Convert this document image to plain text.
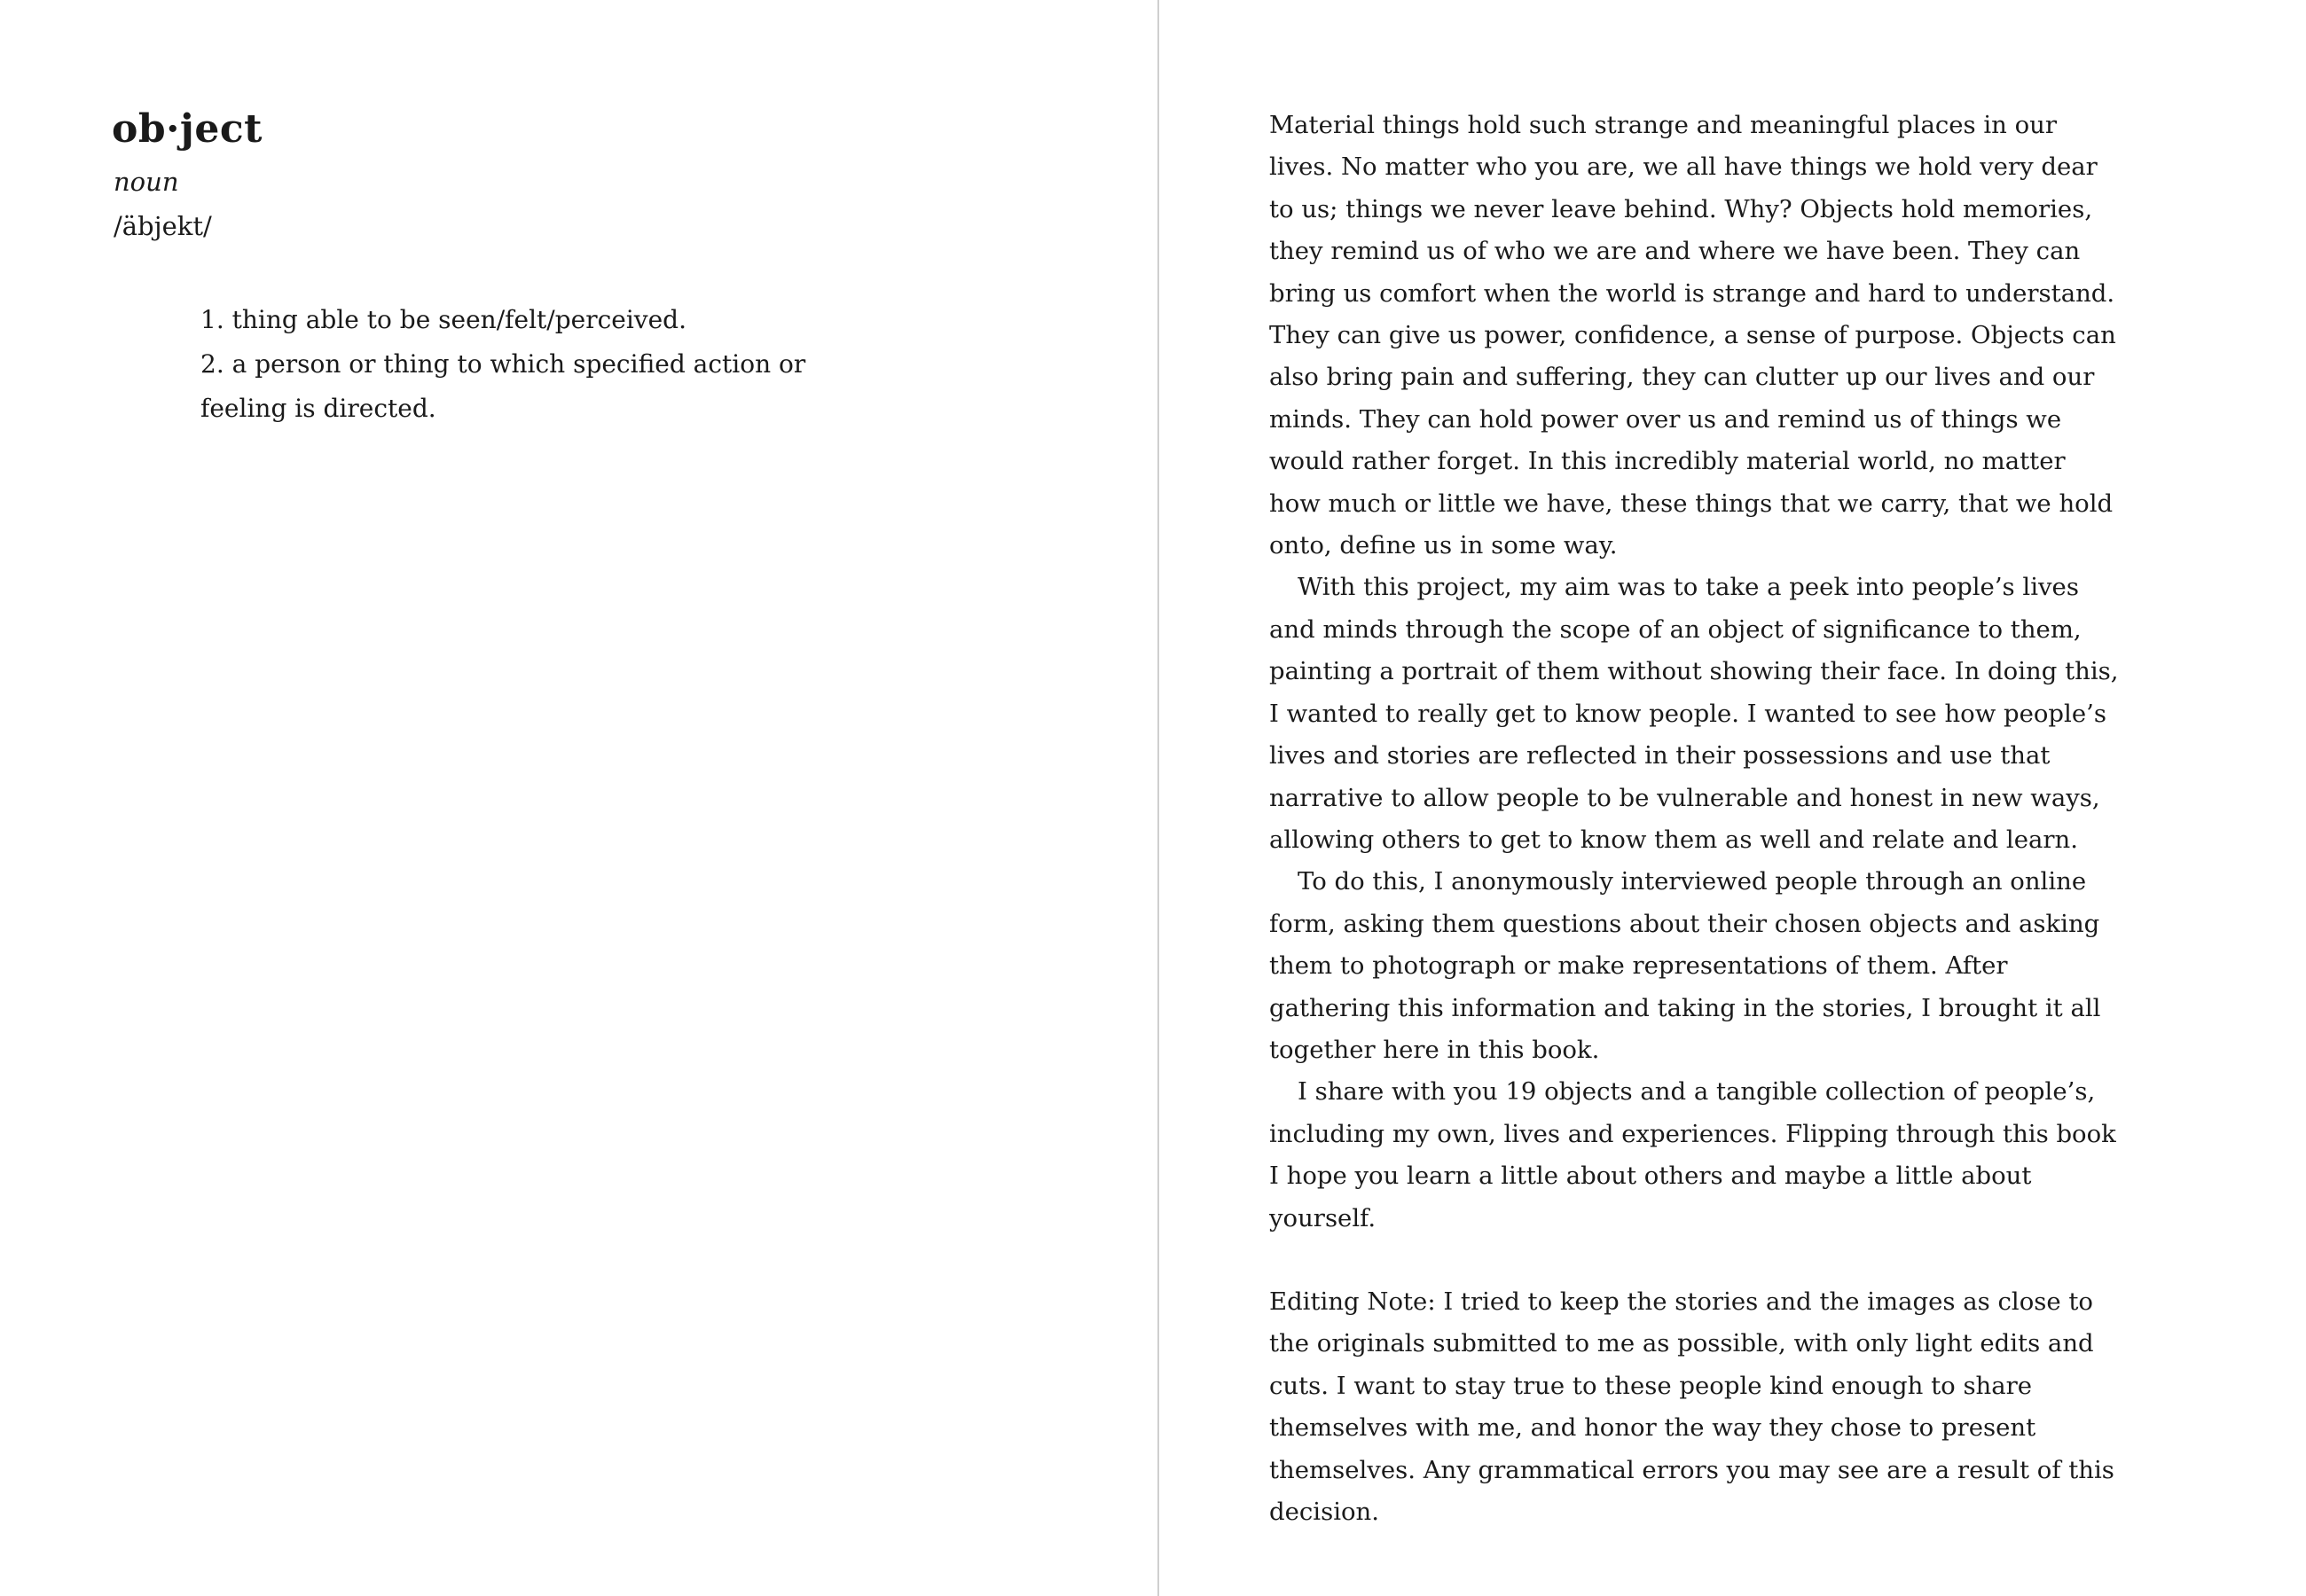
ob·ject
noun
/äbjekt/

1. thing able to be seen/felt/perceived.

2. a person or thing to which specified action or feeling is directed.

Material things hold such strange and meaningful places in our lives. No matter who you are, we all have things we hold very dear to us; things we never leave behind. Why? Objects hold memories, they remind us of who we are and where we have been. They can bring us comfort when the world is strange and hard to understand. They can give us power, confidence, a sense of purpose. Objects can also bring pain and suffering, they can clutter up our lives and our minds. They can hold power over us and remind us of things we would rather forget. In this incredibly material world, no matter how much or little we have, these things that we carry, that we hold onto, define us in some way.

With this project, my aim was to take a peek into people’s lives and minds through the scope of an object of significance to them, painting a portrait of them without showing their face. In doing this, I wanted to really get to know people. I wanted to see how people’s lives and stories are reflected in their possessions and use that narrative to allow people to be vulnerable and honest in new ways, allowing others to get to know them as well and relate and learn.

To do this, I anonymously interviewed people through an online form, asking them questions about their chosen objects and asking them to photograph or make representations of them. After gathering this information and taking in the stories, I brought it all together here in this book.

I share with you 19 objects and a tangible collection of people’s, including my own, lives and experiences. Flipping through this book I hope you learn a little about others and maybe a little about yourself.

Editing Note: I tried to keep the stories and the images as close to the originals submitted to me as possible, with only light edits and cuts. I want to stay true to these people kind enough to share themselves with me, and honor the way they chose to present themselves. Any grammatical errors you may see are a result of this decision.
